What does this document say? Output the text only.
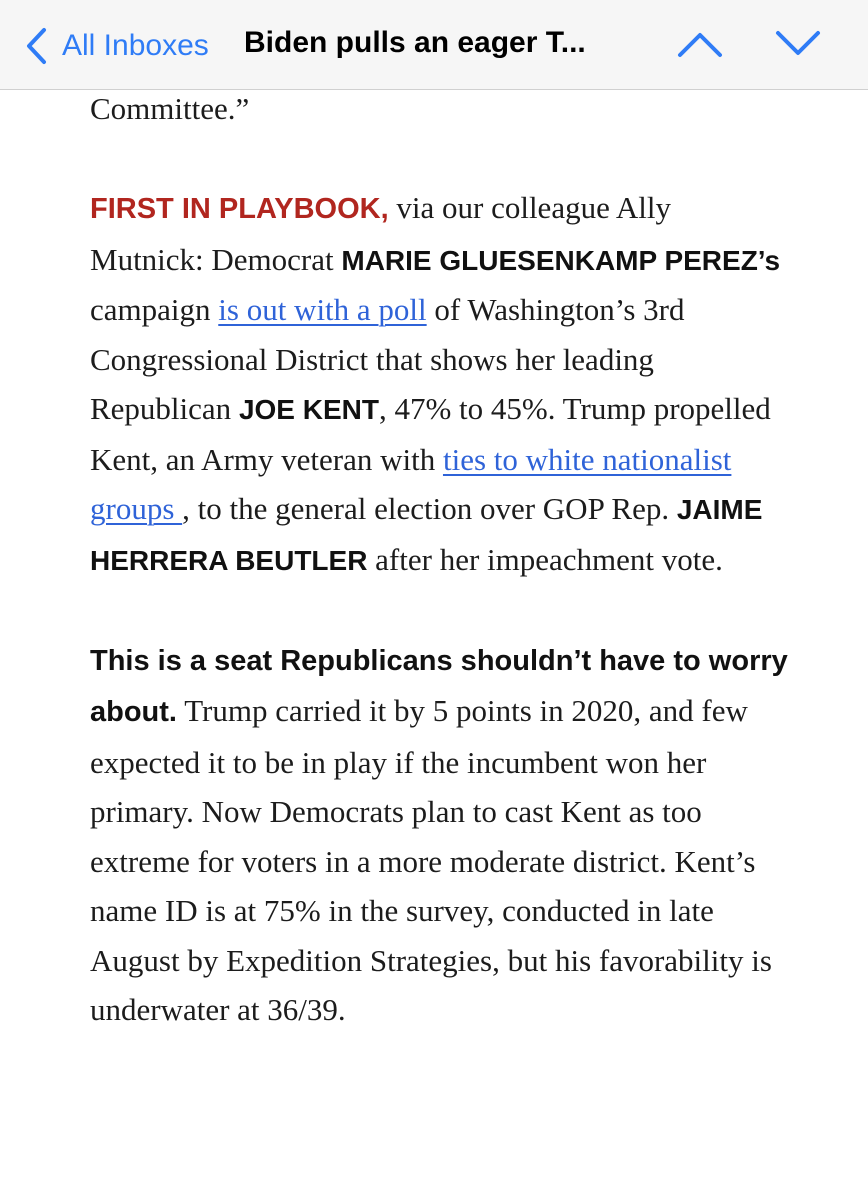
All Inboxes Biden pulls an eager T...

Committee.”

FIRST IN PLAYBOOK, via our colleague Ally Mutnick: Democrat MARIE GLUESENKAMP PEREZ’s campaign is out with a poll of Washington’s 3rd Congressional District that shows her leading Republican JOE KENT, 47% to 45%. Trump propelled Kent, an Army veteran with ties to white nationalist groups , to the general election over GOP Rep. JAIME HERRERA BEUTLER after her impeachment vote.

This is a seat Republicans shouldn’t have to worry about. Trump carried it by 5 points in 2020, and few expected it to be in play if the incumbent won her primary. Now Democrats plan to cast Kent as too extreme for voters in a more moderate district. Kent’s name ID is at 75% in the survey, conducted in late August by Expedition Strategies, but his favorability is underwater at 36/39.
